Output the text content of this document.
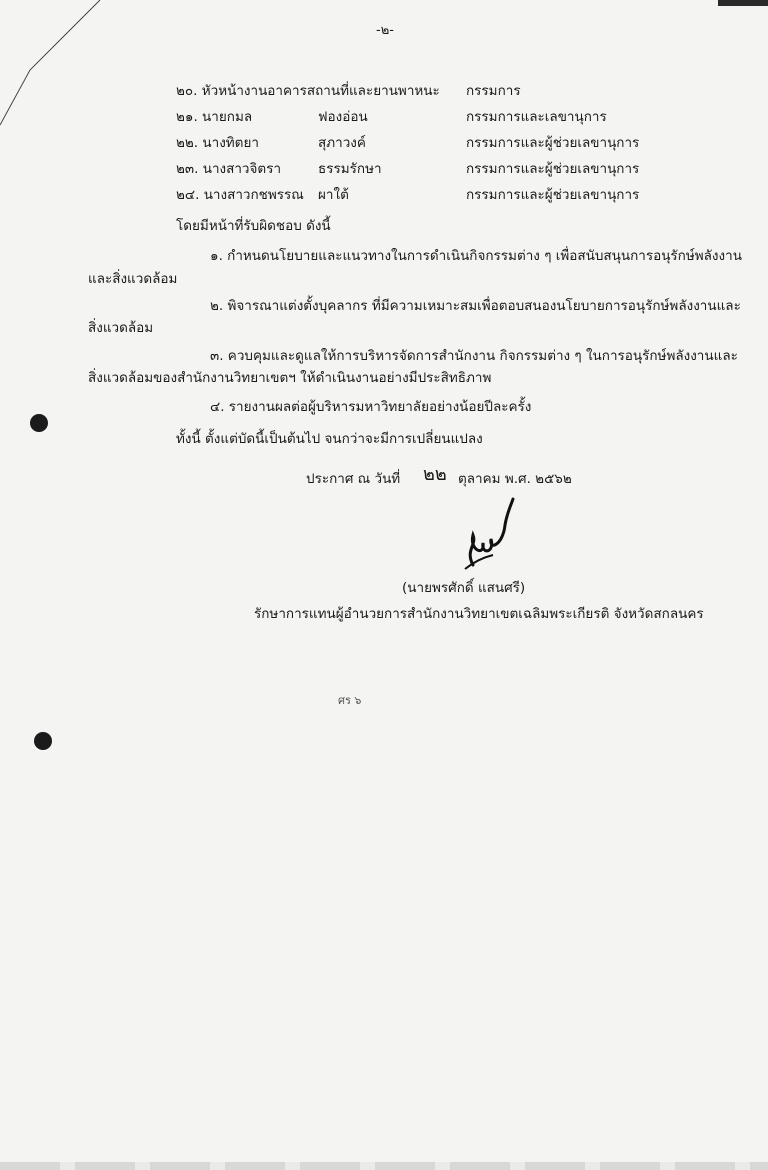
-๒-
๒๐. หัวหน้างานอาคารสถานที่และยานพาหนะ กรรมการ
๒๑. นายกมล	ฟองอ่อน	กรรมการและเลขานุการ
๒๒. นางทิตยา	สุภาวงค์	กรรมการและผู้ช่วยเลขานุการ
๒๓. นางสาวจิตรา	ธรรมรักษา	กรรมการและผู้ช่วยเลขานุการ
๒๔. นางสาวกชพรรณ ผาใต้	กรรมการและผู้ช่วยเลขานุการ
โดยมีหน้าที่รับผิดชอบ ดังนี้
๑. กำหนดนโยบายและแนวทางในการดำเนินกิจกรรมต่าง ๆ เพื่อสนับสนุนการอนุรักษ์พลังงาน
และสิ่งแวดล้อม
๒. พิจารณาแต่งตั้งบุคลากร ที่มีความเหมาะสมเพื่อตอบสนองนโยบายการอนุรักษ์พลังงานและ
สิ่งแวดล้อม
๓. ควบคุมและดูแลให้การบริหารจัดการสำนักงาน กิจกรรมต่าง ๆ ในการอนุรักษ์พลังงานและ
สิ่งแวดล้อมของสำนักงานวิทยาเขตฯ ให้ดำเนินงานอย่างมีประสิทธิภาพ
๔. รายงานผลต่อผู้บริหารมหาวิทยาลัยอย่างน้อยปีละครั้ง
ทั้งนี้ ตั้งแต่บัดนี้เป็นต้นไป จนกว่าจะมีการเปลี่ยนแปลง
ประกาศ ณ วันที่ ๒๒ ตุลาคม พ.ศ. ๒๕๖๒
(นายพรศักดิ์ แสนศรี)
รักษาการแทนผู้อำนวยการสำนักงานวิทยาเขตเฉลิมพระเกียรติ จังหวัดสกลนคร
ศร ๖
